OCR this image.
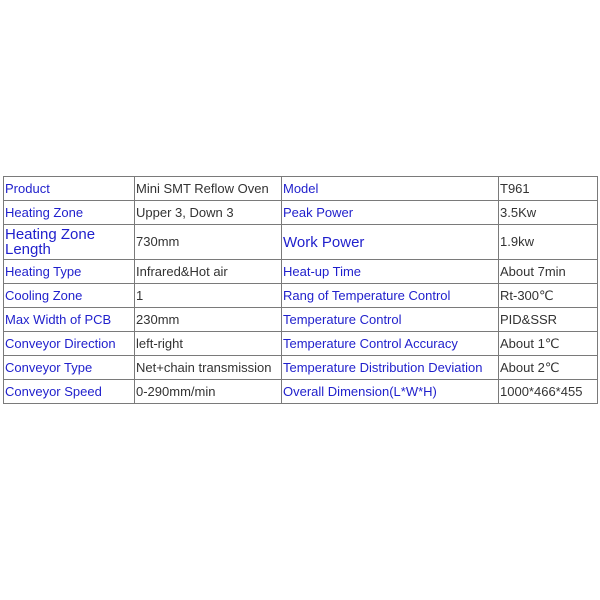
Product	Mini SMT Reflow Oven	Model	T961
Heating Zone	Upper 3, Down 3	Peak Power	3.5Kw
Heating Zone Length	730mm	Work Power	1.9kw
Heating Type	Infrared&Hot air	Heat-up Time	About 7min
Cooling Zone	1	Rang of Temperature Control	Rt-300℃
Max Width of PCB	230mm	Temperature Control	PID&SSR
Conveyor Direction	left-right	Temperature Control Accuracy	About 1℃
Conveyor Type	Net+chain transmission	Temperature Distribution Deviation	About 2℃
Conveyor Speed	0-290mm/min	Overall Dimension(L*W*H)	1000*466*455
